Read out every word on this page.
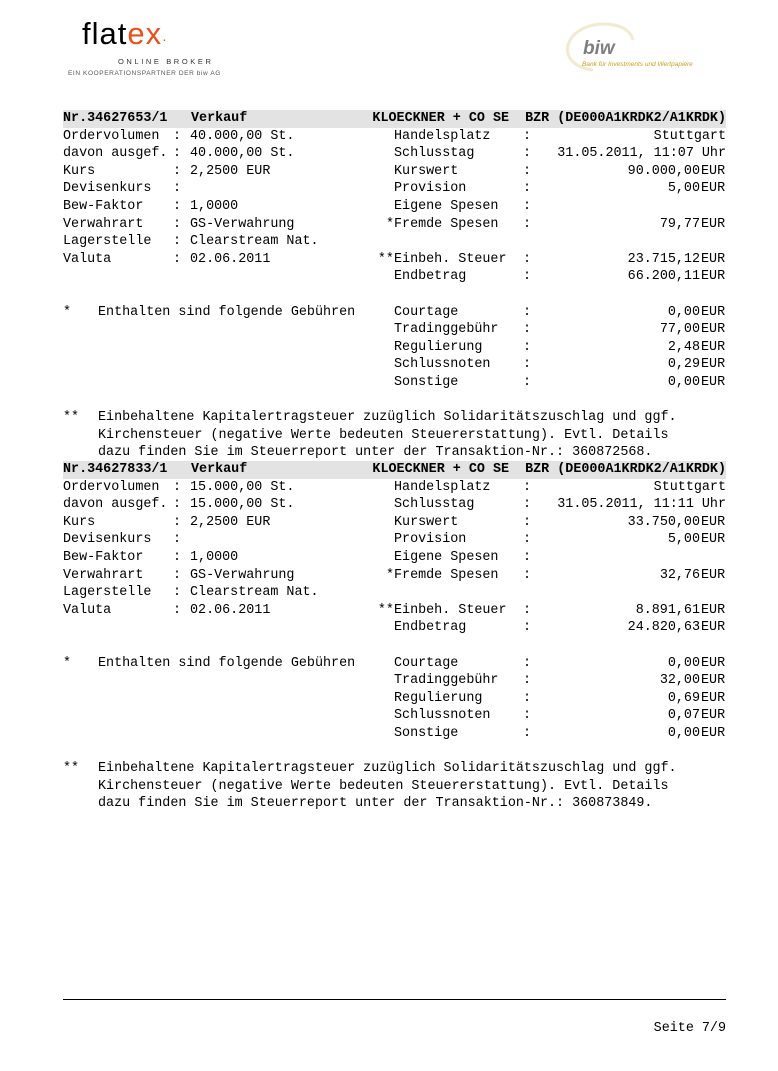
flatex·
ONLINE BROKER
EIN KOOPERATIONSPARTNER DER biw AG
biw
Bank für Investments und Wertpapiere
Nr.34627653/1 Verkauf	KLOECKNER + CO SE  BZR (DE000A1KRDK2/A1KRDK)
Ordervolumen : 40.000,00 St.
davon ausgef. : 40.000,00 St.
Kurs	: 2,2500 EUR
Devisenkurs :
Bew-Faktor : 1,0000
Verwahrart : GS-Verwahrung
Lagerstelle : Clearstream Nat.
Valuta	: 02.06.2011
Handelsplatz :	Stuttgart
Schlusstag	: 31.05.2011, 11:07 Uhr
Kurswert	:	90.000,00 EUR
Provision	:	5,00 EUR
Eigene Spesen :
* Fremde Spesen :	79,77 EUR
** Einbeh. Steuer :	23.715,12 EUR
Endbetrag	:	66.200,11 EUR
* Enthalten sind folgende Gebühren	Courtage	:	0,00 EUR
Tradinggebühr :	77,00 EUR
Regulierung	:	2,48 EUR
Schlussnoten :	0,29 EUR
Sonstige	:	0,00 EUR
** Einbehaltene Kapitalertragsteuer zuzüglich Solidaritätszuschlag und ggf.
Kirchensteuer (negative Werte bedeuten Steuererstattung). Evtl. Details
dazu finden Sie im Steuerreport unter der Transaktion-Nr.: 360872568.
Nr.34627833/1 Verkauf	KLOECKNER + CO SE  BZR (DE000A1KRDK2/A1KRDK)
Ordervolumen : 15.000,00 St.
davon ausgef. : 15.000,00 St.
Kurs	: 2,2500 EUR
Devisenkurs :
Bew-Faktor : 1,0000
Verwahrart : GS-Verwahrung
Lagerstelle : Clearstream Nat.
Valuta	: 02.06.2011
Handelsplatz :	Stuttgart
Schlusstag	: 31.05.2011, 11:11 Uhr
Kurswert	:	33.750,00 EUR
Provision	:	5,00 EUR
Eigene Spesen :
* Fremde Spesen :	32,76 EUR
** Einbeh. Steuer :	8.891,61 EUR
Endbetrag	:	24.820,63 EUR
* Enthalten sind folgende Gebühren	Courtage	:	0,00 EUR
Tradinggebühr :	32,00 EUR
Regulierung	:	0,69 EUR
Schlussnoten :	0,07 EUR
Sonstige	:	0,00 EUR
** Einbehaltene Kapitalertragsteuer zuzüglich Solidaritätszuschlag und ggf.
Kirchensteuer (negative Werte bedeuten Steuererstattung). Evtl. Details
dazu finden Sie im Steuerreport unter der Transaktion-Nr.: 360873849.
Seite 7/9
